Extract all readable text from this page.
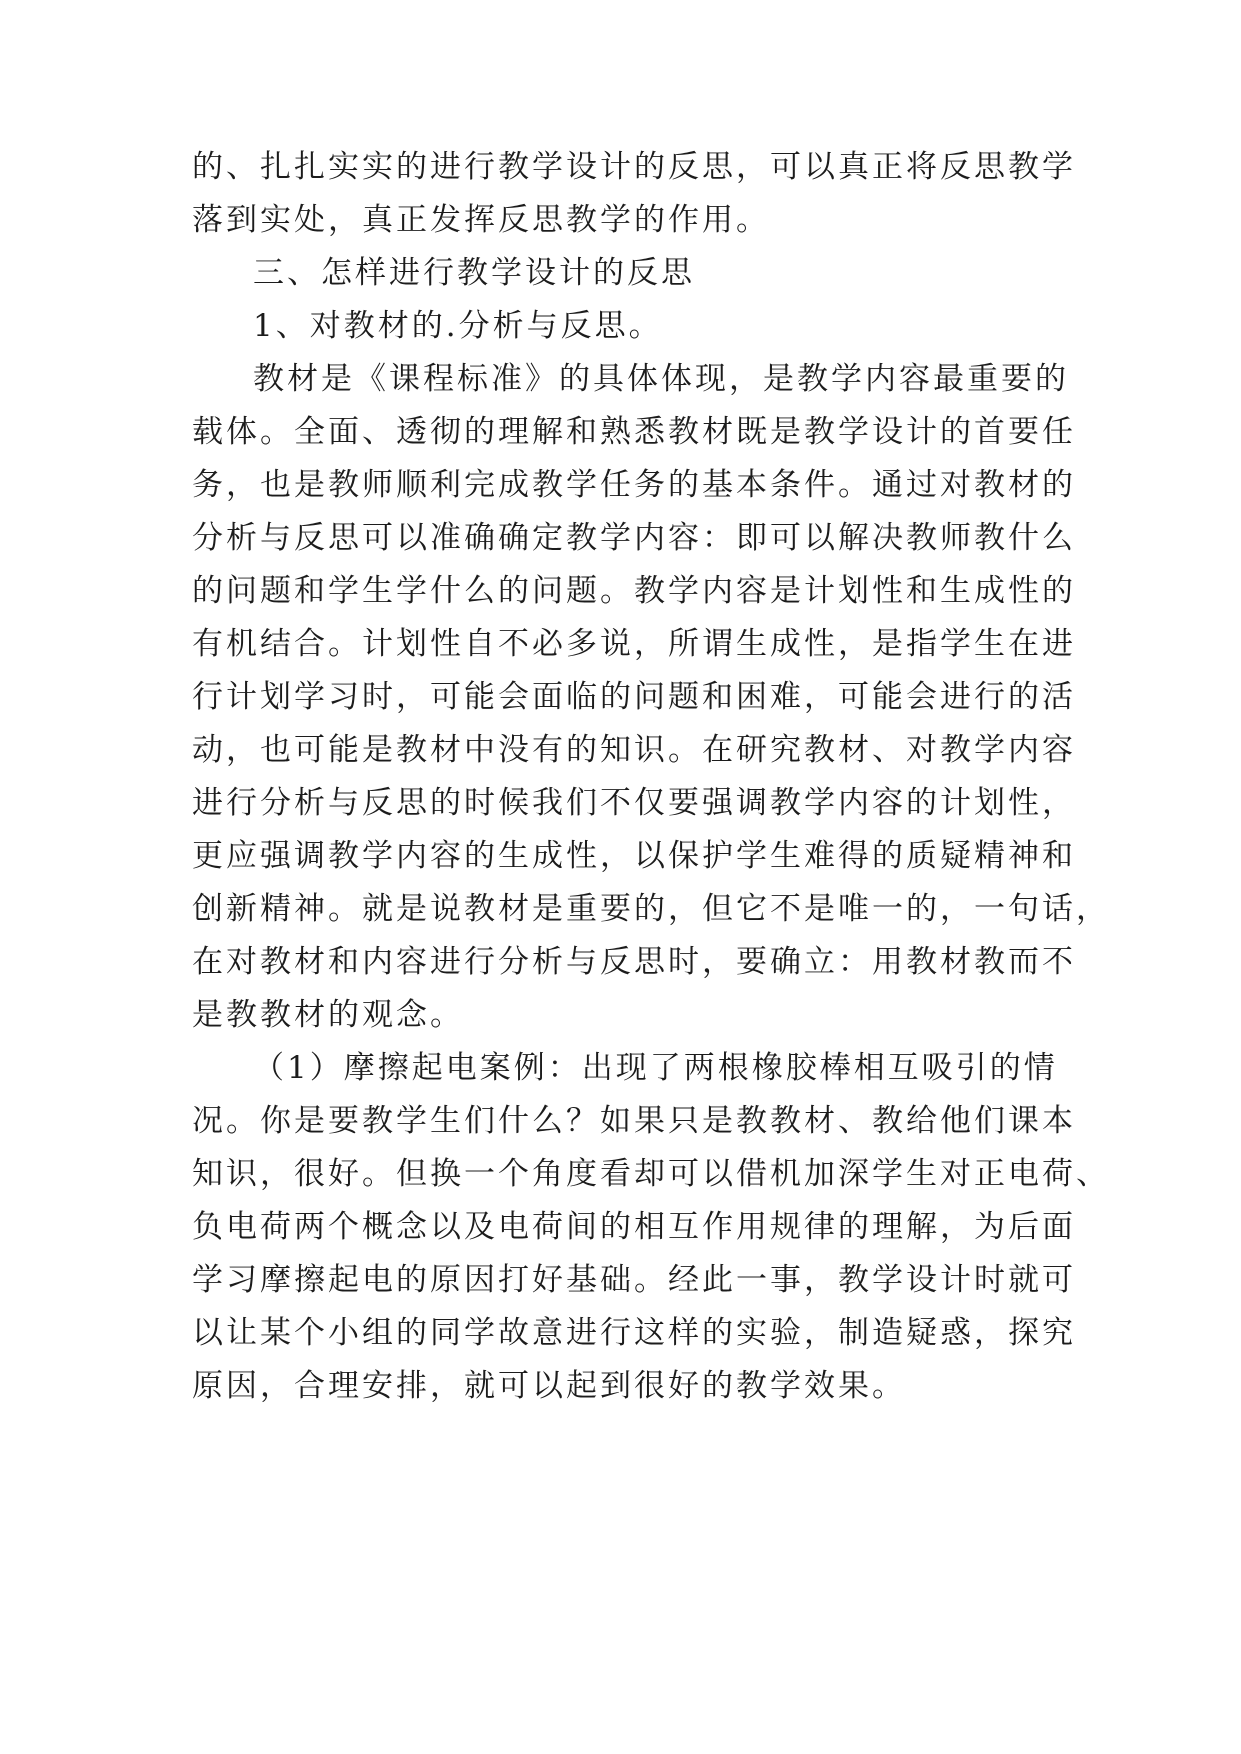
的、扎扎实实的进行教学设计的反思，可以真正将反思教学
落到实处，真正发挥反思教学的作用。
三、怎样进行教学设计的反思
1、对教材的.分析与反思。
教材是《课程标准》的具体体现，是教学内容最重要的
载体。全面、透彻的理解和熟悉教材既是教学设计的首要任
务，也是教师顺利完成教学任务的基本条件。通过对教材的
分析与反思可以准确确定教学内容：即可以解决教师教什么
的问题和学生学什么的问题。教学内容是计划性和生成性的
有机结合。计划性自不必多说，所谓生成性，是指学生在进
行计划学习时，可能会面临的问题和困难，可能会进行的活
动，也可能是教材中没有的知识。在研究教材、对教学内容
进行分析与反思的时候我们不仅要强调教学内容的计划性，
更应强调教学内容的生成性，以保护学生难得的质疑精神和
创新精神。就是说教材是重要的，但它不是唯一的，一句话，
在对教材和内容进行分析与反思时，要确立：用教材教而不
是教教材的观念。
（1）摩擦起电案例：出现了两根橡胶棒相互吸引的情
况。你是要教学生们什么？如果只是教教材、教给他们课本
知识，很好。但换一个角度看却可以借机加深学生对正电荷、
负电荷两个概念以及电荷间的相互作用规律的理解，为后面
学习摩擦起电的原因打好基础。经此一事，教学设计时就可
以让某个小组的同学故意进行这样的实验，制造疑惑，探究
原因，合理安排，就可以起到很好的教学效果。
